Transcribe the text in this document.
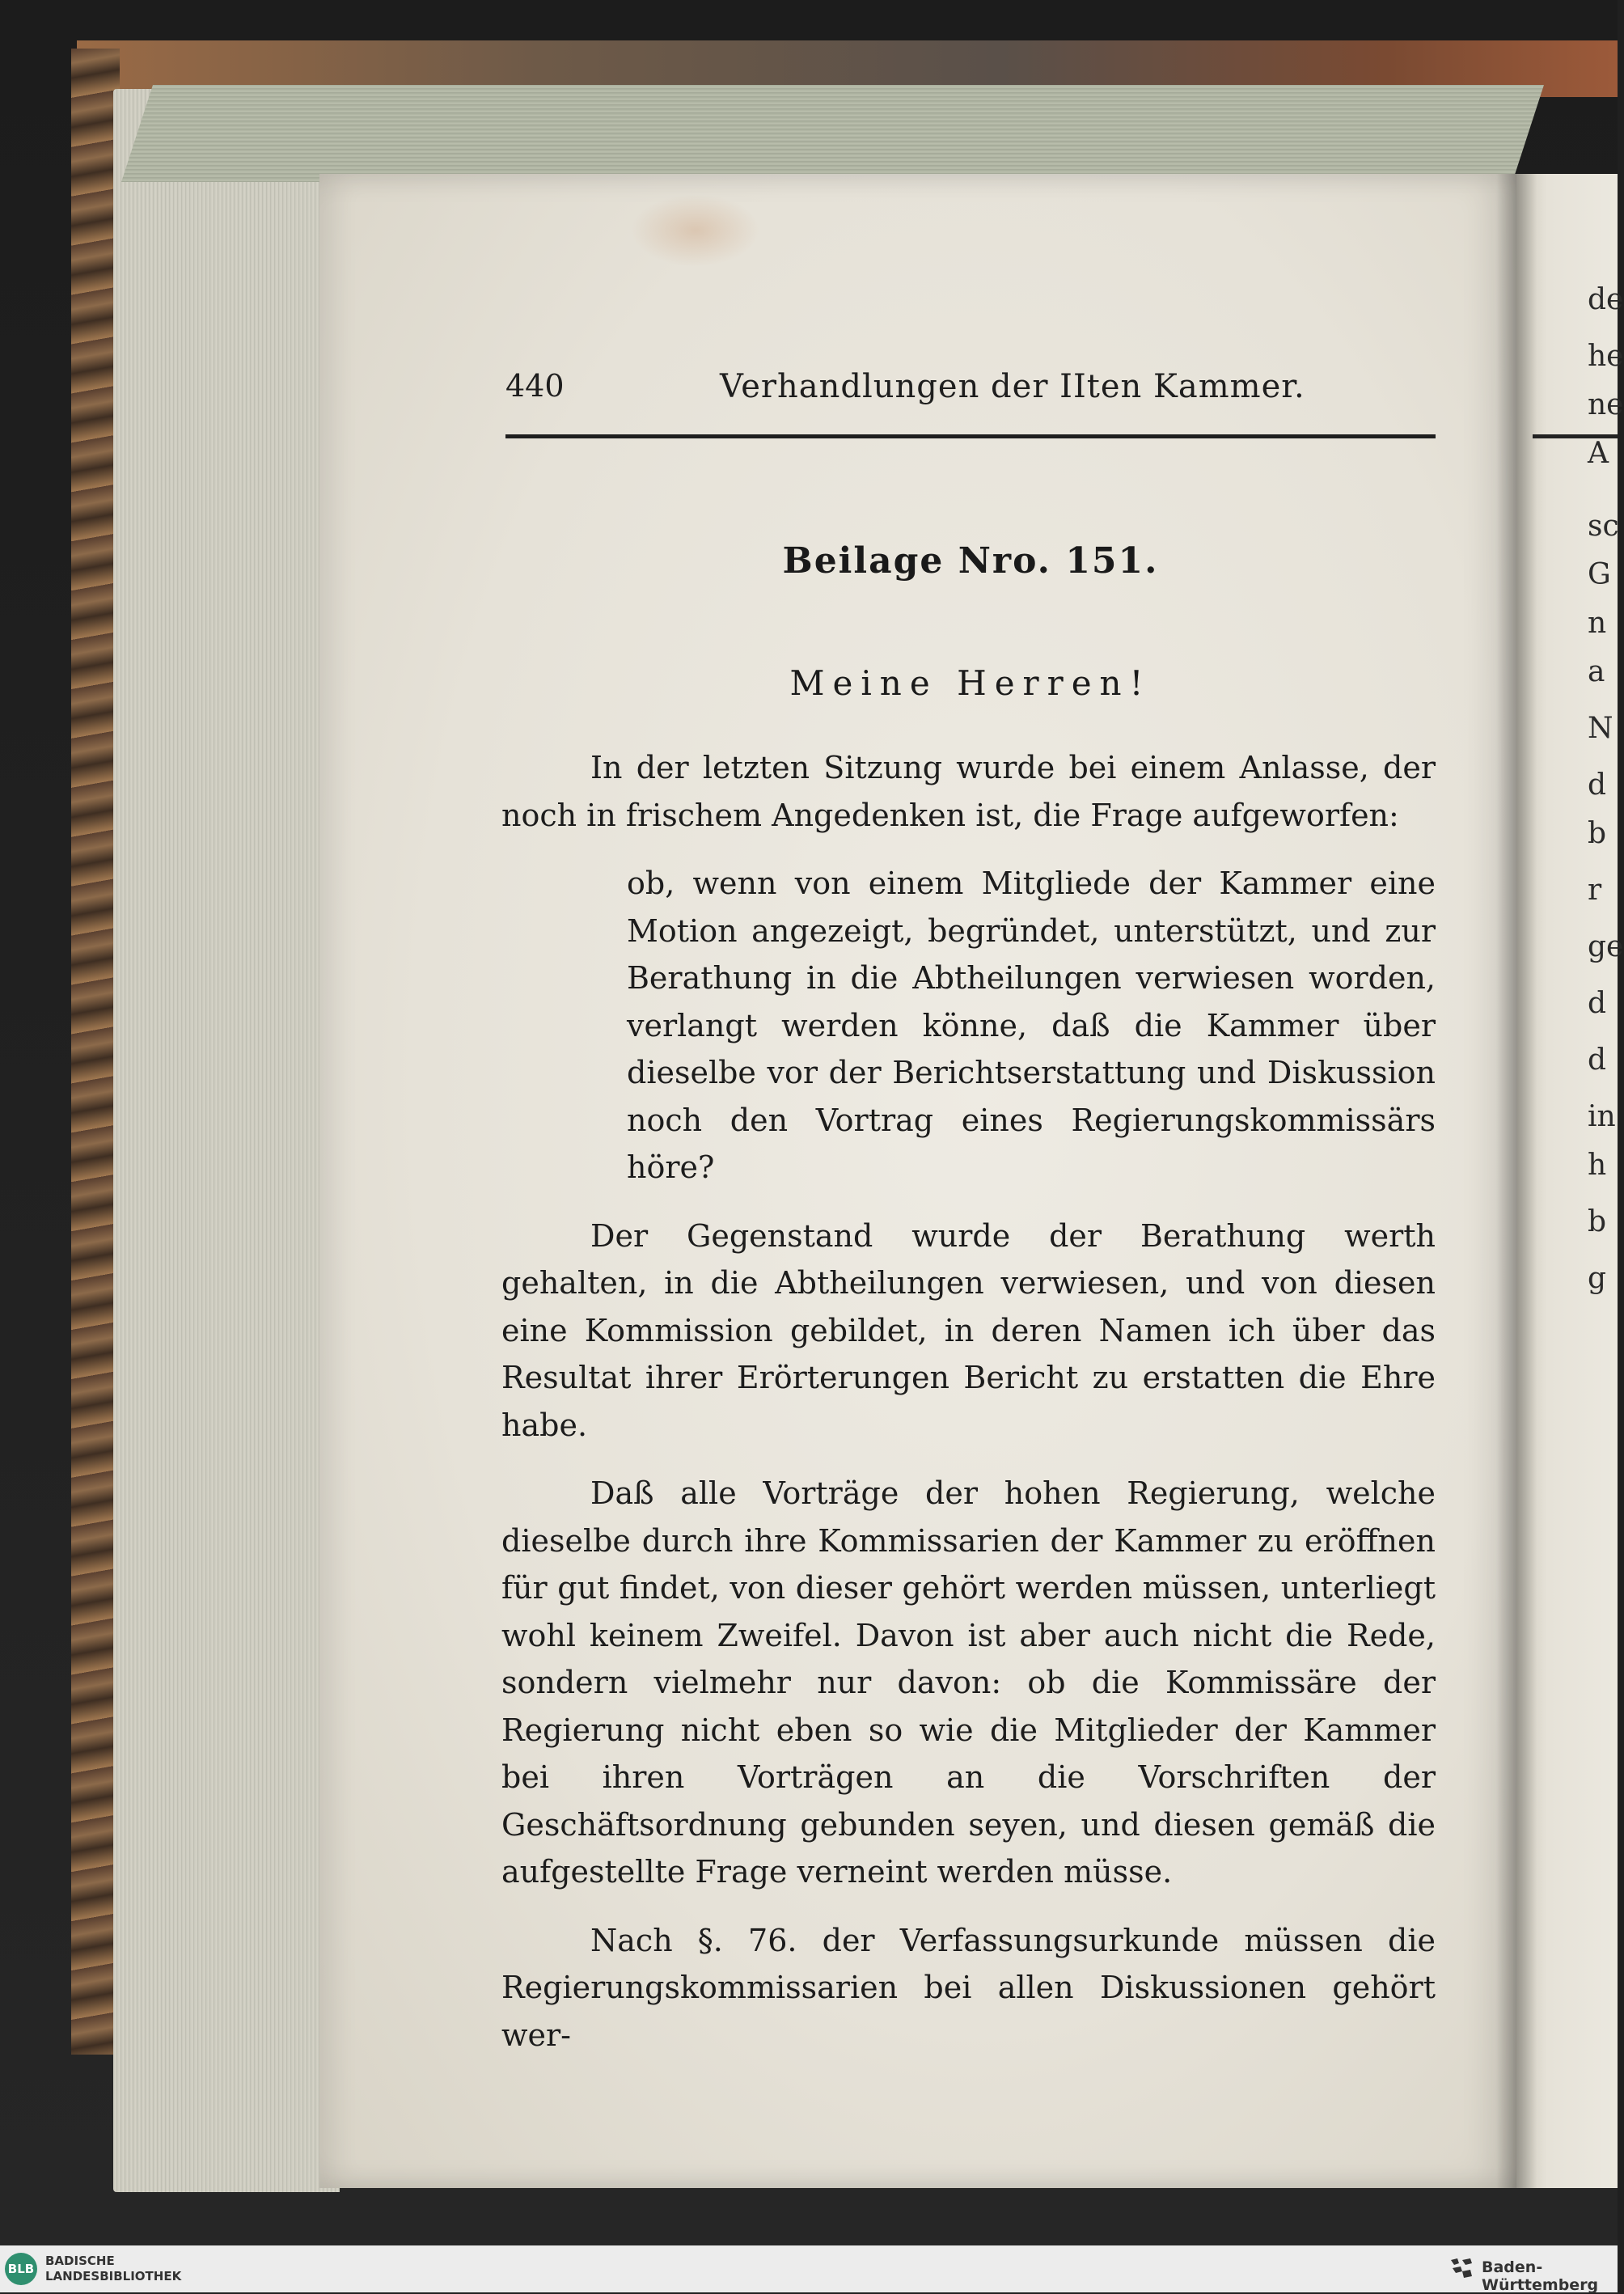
de
he
ne
A
sc
G
n
a
N
d
b
r
ge
d
d
in
h
b
g
440	Verhandlungen der IIten Kammer.
Beilage Nro. 151.
Meine Herren!

In der letzten Sitzung wurde bei einem Anlasse, der noch in frischem Angedenken ist, die Frage aufgeworfen:

ob, wenn von einem Mitgliede der Kammer eine Motion angezeigt, begründet, unterstützt, und zur Berathung in die Abtheilungen verwiesen worden, verlangt werden könne, daß die Kammer über dieselbe vor der Berichtserstattung und Diskussion noch den Vortrag eines Regierungskommissärs höre?

Der Gegenstand wurde der Berathung werth gehalten, in die Abtheilungen verwiesen, und von diesen eine Kommission gebildet, in deren Namen ich über das Resultat ihrer Erörterungen Bericht zu erstatten die Ehre habe.

Daß alle Vorträge der hohen Regierung, welche dieselbe durch ihre Kommissarien der Kammer zu eröffnen für gut findet, von dieser gehört werden müssen, unterliegt wohl keinem Zweifel. Davon ist aber auch nicht die Rede, sondern vielmehr nur davon: ob die Kommissäre der Regierung nicht eben so wie die Mitglieder der Kammer bei ihren Vorträgen an die Vorschriften der Geschäftsordnung gebunden seyen, und diesen gemäß die aufgestellte Frage verneint werden müsse.

Nach §. 76. der Verfassungsurkunde müssen die Regierungskommissarien bei allen Diskussionen gehört wer-

BLB
BADISCHE
LANDESBIBLIOTHEK	Baden-Württemberg
